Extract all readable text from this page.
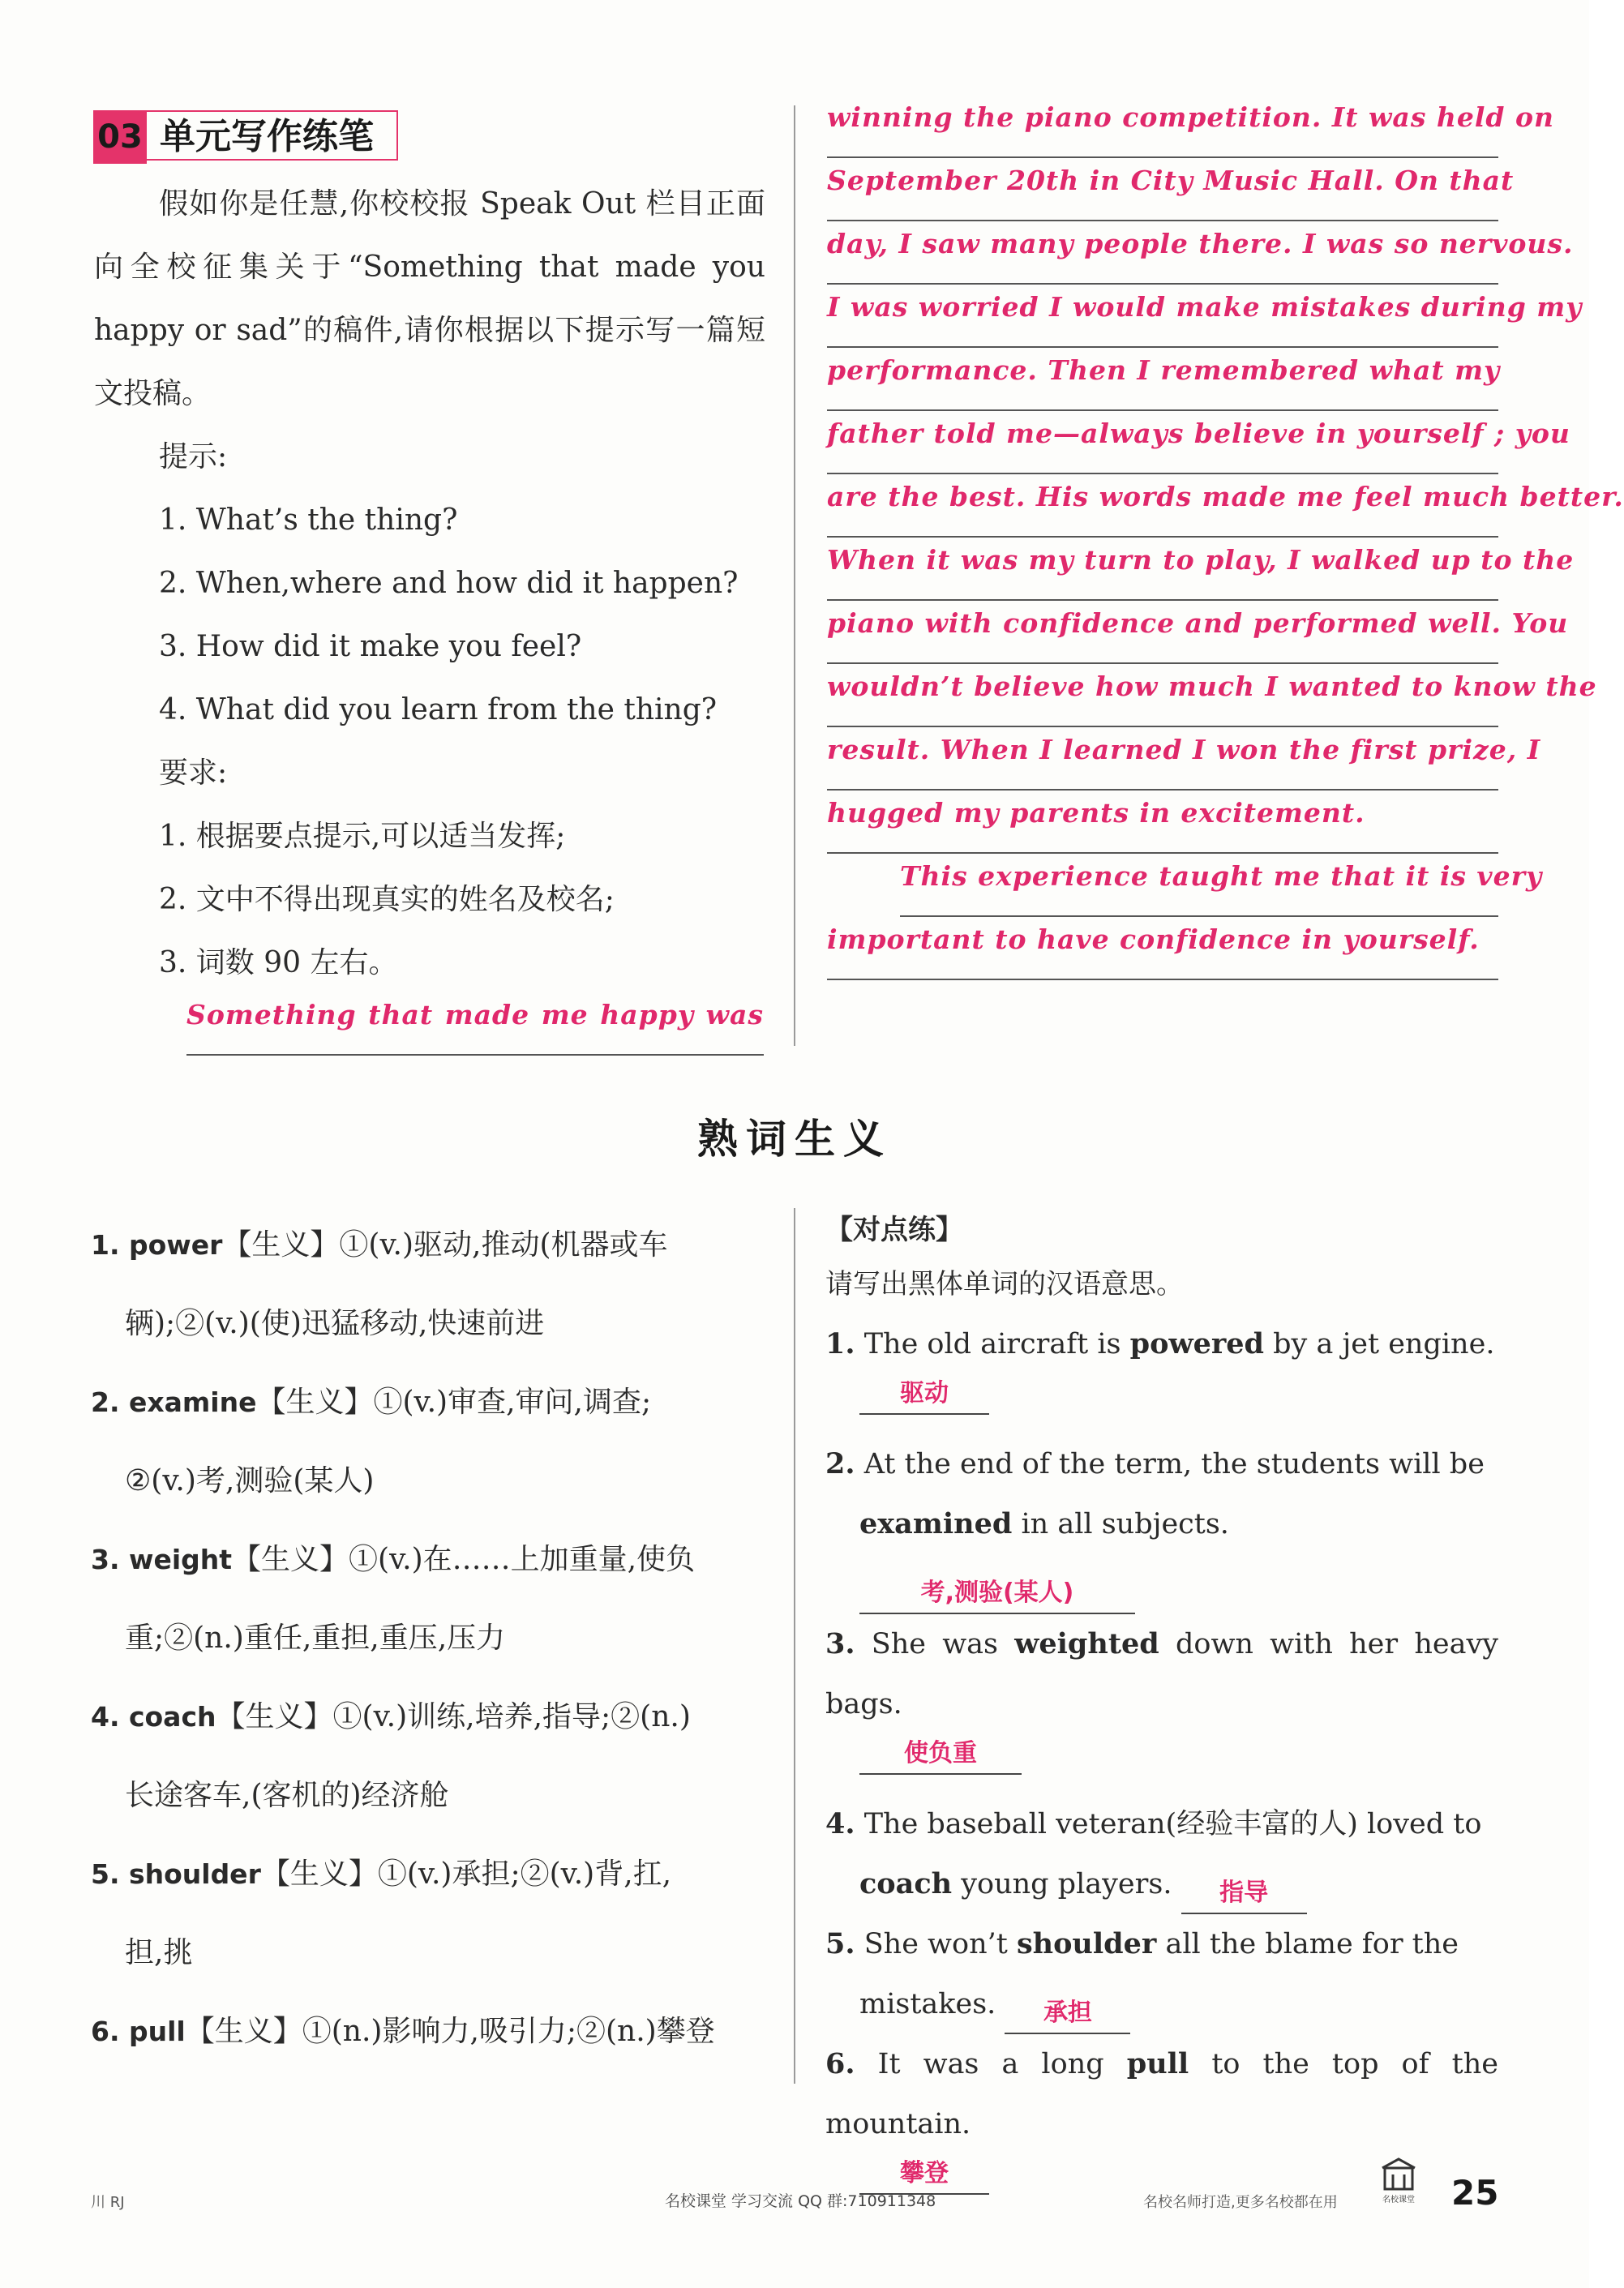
03 单元写作练笔

假如你是任慧,你校校报 Speak Out 栏目正面向全校征集关于“Something that made you happy or sad”的稿件,请你根据以下提示写一篇短文投稿。

提示:

1. What’s the thing?

2. When,where and how did it happen?

3. How did it make you feel?

4. What did you learn from the thing?

要求:

1. 根据要点提示,可以适当发挥;

2. 文中不得出现真实的姓名及校名;

3. 词数 90 左右。

Something that made me happy was
winning the piano competition. It was held on
September 20th in City Music Hall. On that
day, I saw many people there. I was so nervous.
I was worried I would make mistakes during my
performance. Then I remembered what my
father told me—always believe in yourself ; you
are the best. His words made me feel much better.
When it was my turn to play, I walked up to the
piano with confidence and performed well. You
wouldn’t believe how much I wanted to know the
result. When I learned I won the first prize, I
hugged my parents in excitement.
This experience taught me that it is very
important to have confidence in yourself.
熟词生义

1. power【生义】①(v.)驱动,推动(机器或车

辆);②(v.)(使)迅猛移动,快速前进

2. examine【生义】①(v.)审查,审问,调查;

②(v.)考,测验(某人)

3. weight【生义】①(v.)在……上加重量,使负

重;②(n.)重任,重担,重压,压力

4. coach【生义】①(v.)训练,培养,指导;②(n.)

长途客车,(客机的)经济舱

5. shoulder【生义】①(v.)承担;②(v.)背,扛,

担,挑

6. pull【生义】①(n.)影响力,吸引力;②(n.)攀登

【对点练】

请写出黑体单词的汉语意思。

1. The old aircraft is powered by a jet engine.

驱动

2. At the end of the term, the students will be

examined in all subjects. 考,测验(某人)

3. She was weighted down with her heavy bags.

使负重

4. The baseball veteran(经验丰富的人) loved to

coach young players. 指导

5. She won’t shoulder all the blame for the

mistakes. 承担

6. It was a long pull to the top of the mountain.

攀登
川 RJ	名校课堂 学习交流 QQ 群:710911348	名校名师打造,更多名校都在用	名校课堂 25
